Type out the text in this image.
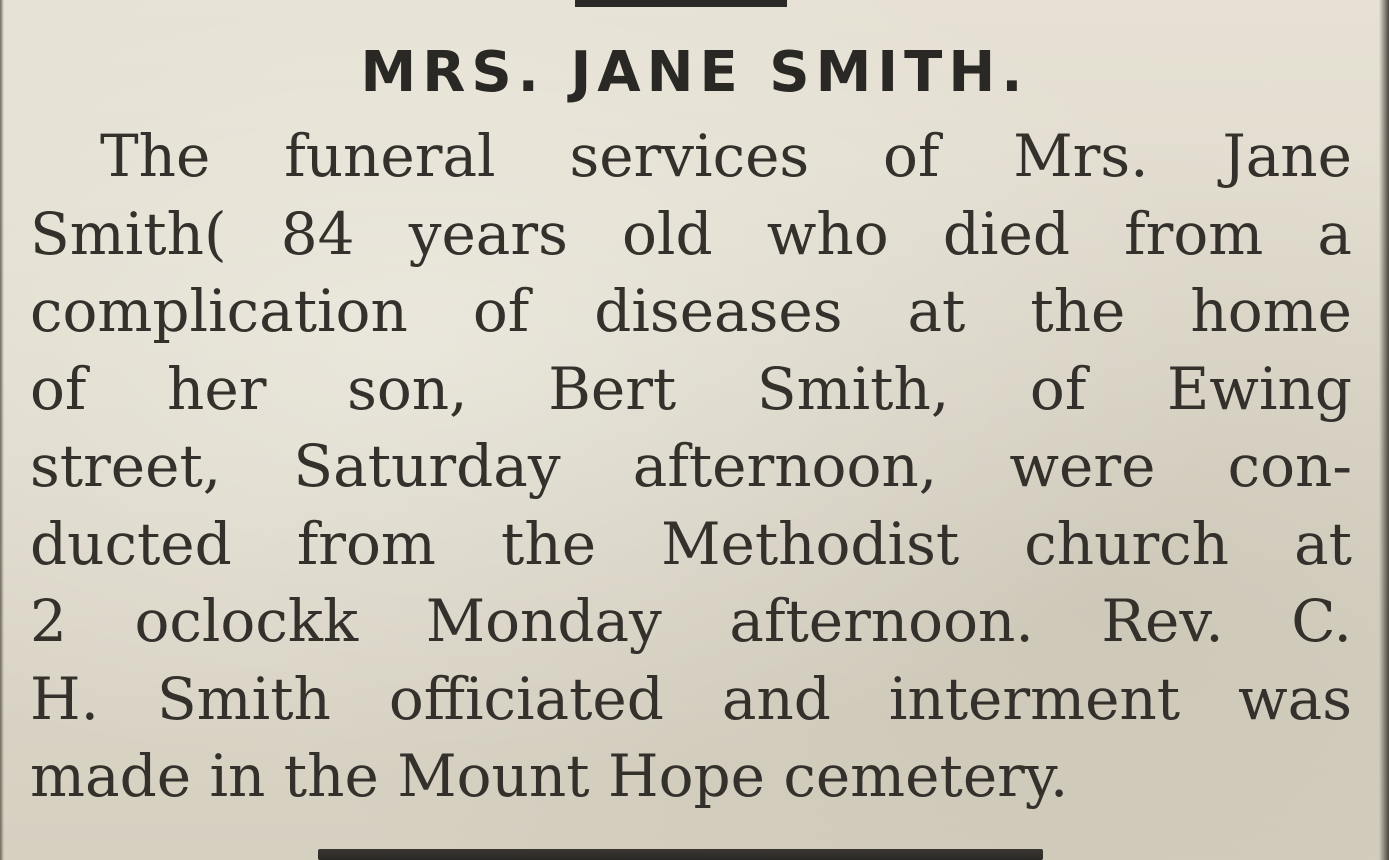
MRS. JANE SMITH.
The funeral services of Mrs. Jane
Smith( 84 years old who died from a
complication of diseases at the home
of her son, Bert Smith, of Ewing
street, Saturday afternoon, were con-
ducted from the Methodist church at
2 oclockk Monday afternoon. Rev. C.
H. Smith officiated and interment was
made in the Mount Hope cemetery.
